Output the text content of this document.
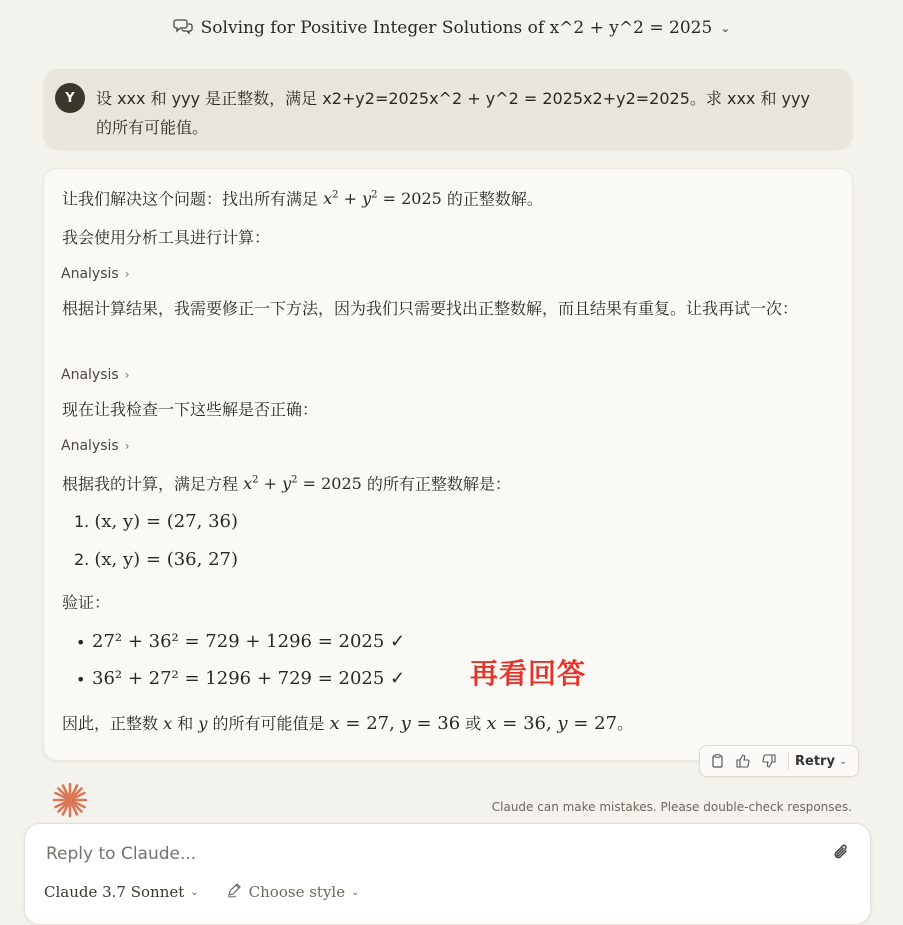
Solving for Positive Integer Solutions of x^2 + y^2 = 2025 ⌄
Y	设 xxx 和 yyy 是正整数，满足 x2+y2=2025x^2 + y^2 = 2025x2+y2=2025。求 xxx 和 yyy 的所有可能值。
让我们解决这个问题：找出所有满足 $x^2 + y^2 = 2025$ 的正整数解。
我会使用分析工具进行计算：
Analysis ›
根据计算结果，我需要修正一下方法，因为我们只需要找出正整数解，而且结果有重复。让我再试一次：
Analysis ›
现在让我检查一下这些解是否正确：
Analysis ›
根据我的计算，满足方程 $x^2 + y^2 = 2025$ 的所有正整数解是：
1. (x, y) = (27, 36)
2. (x, y) = (36, 27)
验证：
• 27² + 36² = 729 + 1296 = 2025 ✓
• 36² + 27² = 1296 + 729 = 2025 ✓
因此，正整数 x 和 y 的所有可能值是 x = 27, y = 36 或 x = 36, y = 27。
再看回答
Retry ⌄
Claude can make mistakes. Please double-check responses.
Reply to Claude...
Claude 3.7 Sonnet ⌄	Choose style ⌄
